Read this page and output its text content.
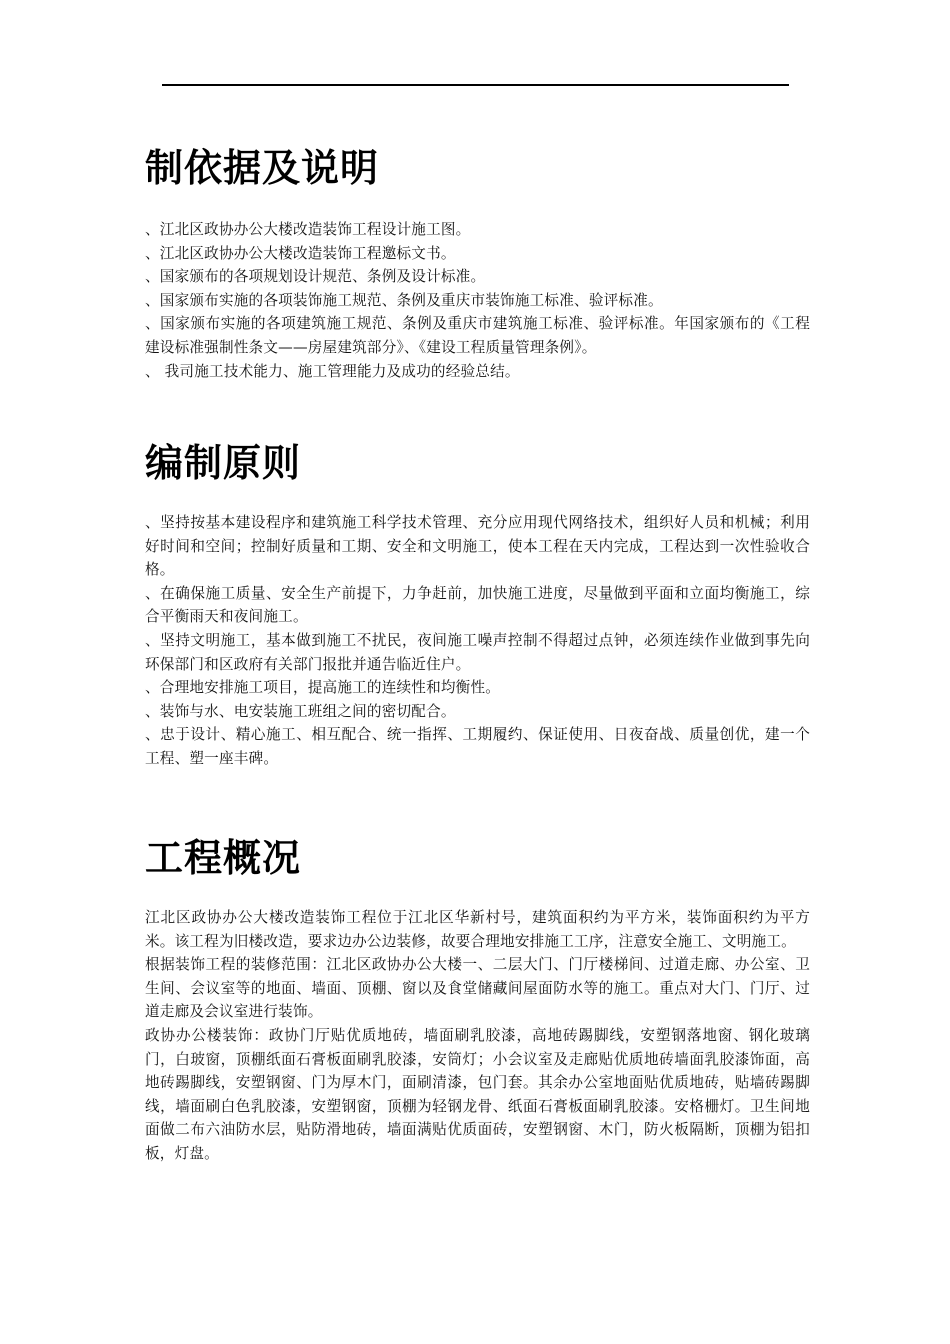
制依据及说明

、江北区政协办公大楼改造装饰工程设计施工图。

、江北区政协办公大楼改造装饰工程邀标文书。

、国家颁布的各项规划设计规范、条例及设计标准。

、国家颁布实施的各项装饰施工规范、条例及重庆市装饰施工标准、验评标准。

、国家颁布实施的各项建筑施工规范、条例及重庆市建筑施工标准、验评标准。年国家颁布的《工程建设标准强制性条文——房屋建筑部分》、《建设工程质量管理条例》。

、 我司施工技术能力、施工管理能力及成功的经验总结。

编制原则

、坚持按基本建设程序和建筑施工科学技术管理、充分应用现代网络技术，组织好人员和机械；利用好时间和空间；控制好质量和工期、安全和文明施工，使本工程在天内完成，工程达到一次性验收合格。

、在确保施工质量、安全生产前提下，力争赶前，加快施工进度，尽量做到平面和立面均衡施工，综合平衡雨天和夜间施工。

、坚持文明施工，基本做到施工不扰民，夜间施工噪声控制不得超过点钟，必须连续作业做到事先向环保部门和区政府有关部门报批并通告临近住户。

、合理地安排施工项目，提高施工的连续性和均衡性。

、装饰与水、电安装施工班组之间的密切配合。

、忠于设计、精心施工、相互配合、统一指挥、工期履约、保证使用、日夜奋战、质量创优，建一个工程、塑一座丰碑。

工程概况

江北区政协办公大楼改造装饰工程位于江北区华新村号，建筑面积约为平方米，装饰面积约为平方米。该工程为旧楼改造，要求边办公边装修，故要合理地安排施工工序，注意安全施工、文明施工。

根据装饰工程的装修范围：江北区政协办公大楼一、二层大门、门厅楼梯间、过道走廊、办公室、卫生间、会议室等的地面、墙面、顶棚、窗以及食堂储藏间屋面防水等的施工。重点对大门、门厅、过道走廊及会议室进行装饰。

政协办公楼装饰：政协门厅贴优质地砖，墙面刷乳胶漆，高地砖踢脚线，安塑钢落地窗、钢化玻璃门，白玻窗，顶棚纸面石膏板面刷乳胶漆，安筒灯；小会议室及走廊贴优质地砖墙面乳胶漆饰面，高地砖踢脚线，安塑钢窗、门为厚木门，面刷清漆，包门套。其余办公室地面贴优质地砖，贴墙砖踢脚线，墙面刷白色乳胶漆，安塑钢窗，顶棚为轻钢龙骨、纸面石膏板面刷乳胶漆。安格栅灯。卫生间地面做二布六油防水层，贴防滑地砖，墙面满贴优质面砖，安塑钢窗、木门，防火板隔断，顶棚为铝扣板，灯盘。
